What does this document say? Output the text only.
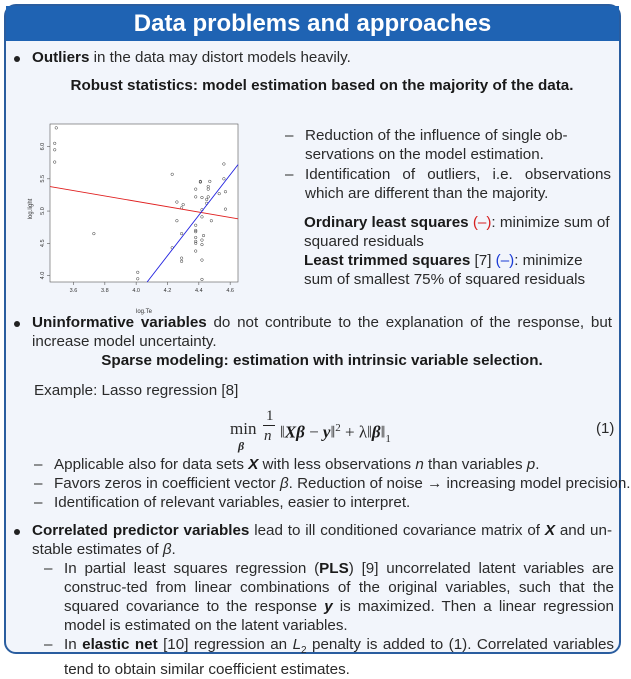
Data problems and approaches
Outliers in the data may distort models heavily.
Robust statistics: model estimation based on the majority of the data.
3.6	3.8	4.0	4.2	4.4	4.6
4.0
4.5
5.0
5.5
6.0
log.light
log.Te
– Reduction of the influence of single ob-
servations on the model estimation.
– Identification of outliers, i.e. observations which are different than the majority.
Ordinary least squares (–): minimize sum of squared residuals
Least trimmed squares [7] (–): minimize sum of smallest 75% of squared residuals
Uninformative variables do not contribute to the explanation of the response, but increase model uncertainty.
Sparse modeling: estimation with intrinsic variable selection.
Example: Lasso regression [8]
min
β
1
n ‖Xβ − y‖$^2$ + $\lambda‖\beta‖_1$
(1)
– Applicable also for data sets X with less observations n than variables p.
– Favors zeros in coefficient vector β. Reduction of noise → increasing model precision.
– Identification of relevant variables, easier to interpret.
Correlated predictor variables lead to ill conditioned covariance matrix of X and un-stable estimates of β.
– In partial least squares regression (PLS) [9] uncorrelated latent variables are construc-ted from linear combinations of the original variables, such that the squared covariance to the response y is maximized. Then a linear regression model is estimated on the latent variables.
– In elastic net [10] regression an $L_2$ penalty is added to (1). Correlated variables tend to obtain similar coefficient estimates.
